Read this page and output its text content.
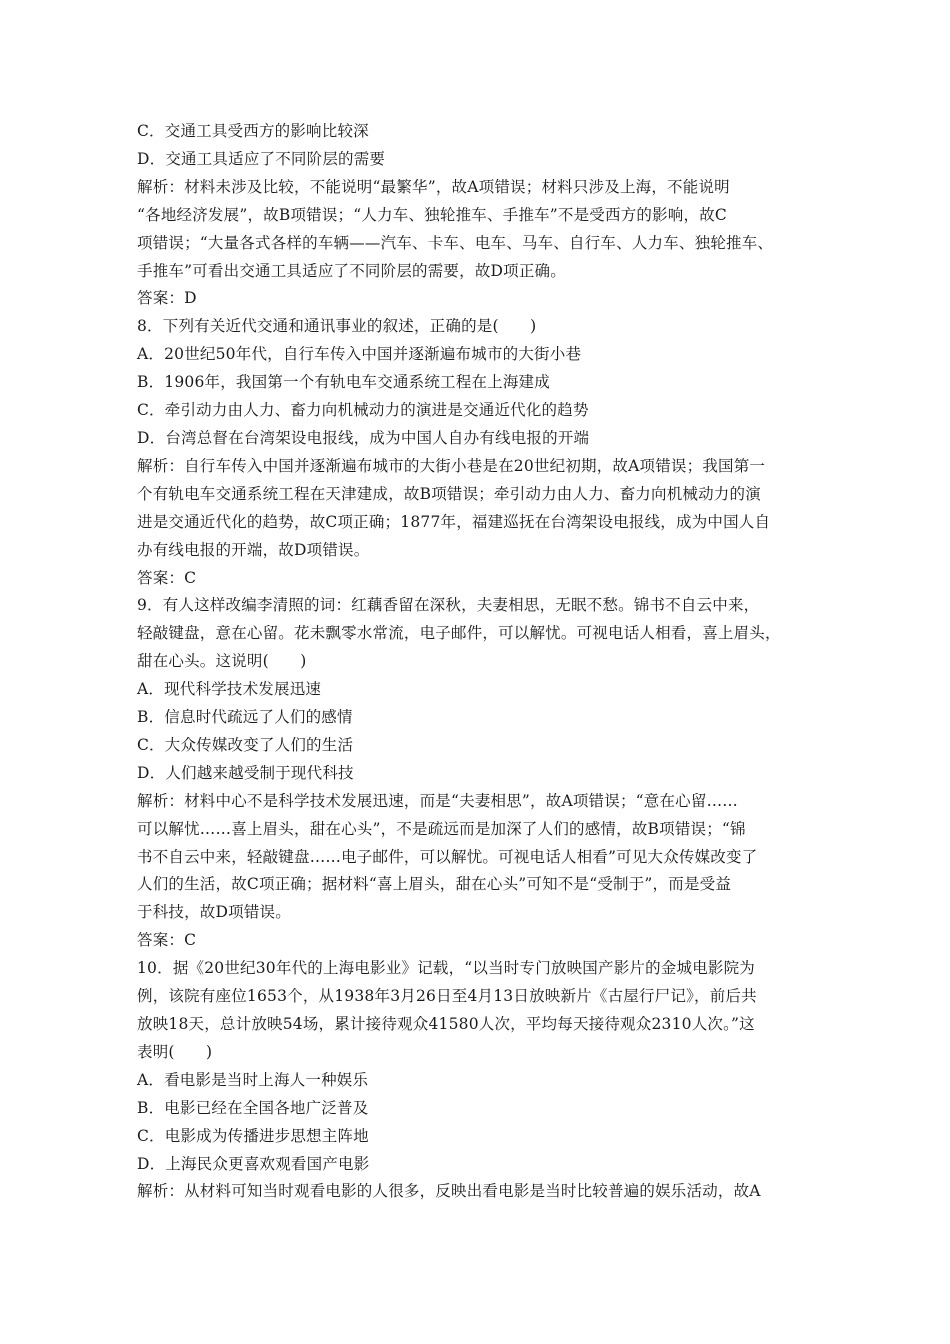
C．交通工具受西方的影响比较深
D．交通工具适应了不同阶层的需要
解析：材料未涉及比较，不能说明“最繁华”，故A项错误；材料只涉及上海，不能说明
“各地经济发展”，故B项错误；“人力车、独轮推车、手推车”不是受西方的影响，故C
项错误；“大量各式各样的车辆——汽车、卡车、电车、马车、自行车、人力车、独轮推车、
手推车”可看出交通工具适应了不同阶层的需要，故D项正确。
答案：D
8．下列有关近代交通和通讯事业的叙述，正确的是(　　)
A．20世纪50年代，自行车传入中国并逐渐遍布城市的大街小巷
B．1906年，我国第一个有轨电车交通系统工程在上海建成
C．牵引动力由人力、畜力向机械动力的演进是交通近代化的趋势
D．台湾总督在台湾架设电报线，成为中国人自办有线电报的开端
解析：自行车传入中国并逐渐遍布城市的大街小巷是在20世纪初期，故A项错误；我国第一
个有轨电车交通系统工程在天津建成，故B项错误；牵引动力由人力、畜力向机械动力的演
进是交通近代化的趋势，故C项正确；1877年，福建巡抚在台湾架设电报线，成为中国人自
办有线电报的开端，故D项错误。
答案：C
9．有人这样改编李清照的词：红藕香留在深秋，夫妻相思，无眠不愁。锦书不自云中来，
轻敲键盘，意在心留。花未飘零水常流，电子邮件，可以解忧。可视电话人相看，喜上眉头，
甜在心头。这说明(　　)
A．现代科学技术发展迅速
B．信息时代疏远了人们的感情
C．大众传媒改变了人们的生活
D．人们越来越受制于现代科技
解析：材料中心不是科学技术发展迅速，而是“夫妻相思”，故A项错误；“意在心留……
可以解忧……喜上眉头，甜在心头”，不是疏远而是加深了人们的感情，故B项错误；“锦
书不自云中来，轻敲键盘……电子邮件，可以解忧。可视电话人相看”可见大众传媒改变了
人们的生活，故C项正确；据材料“喜上眉头，甜在心头”可知不是“受制于”，而是受益
于科技，故D项错误。
答案：C
10．据《20世纪30年代的上海电影业》记载，“以当时专门放映国产影片的金城电影院为
例，该院有座位1653个，从1938年3月26日至4月13日放映新片《古屋行尸记》，前后共
放映18天，总计放映54场，累计接待观众41580人次，平均每天接待观众2310人次。”这
表明(　　)
A．看电影是当时上海人一种娱乐
B．电影已经在全国各地广泛普及
C．电影成为传播进步思想主阵地
D．上海民众更喜欢观看国产电影
解析：从材料可知当时观看电影的人很多，反映出看电影是当时比较普遍的娱乐活动，故A
